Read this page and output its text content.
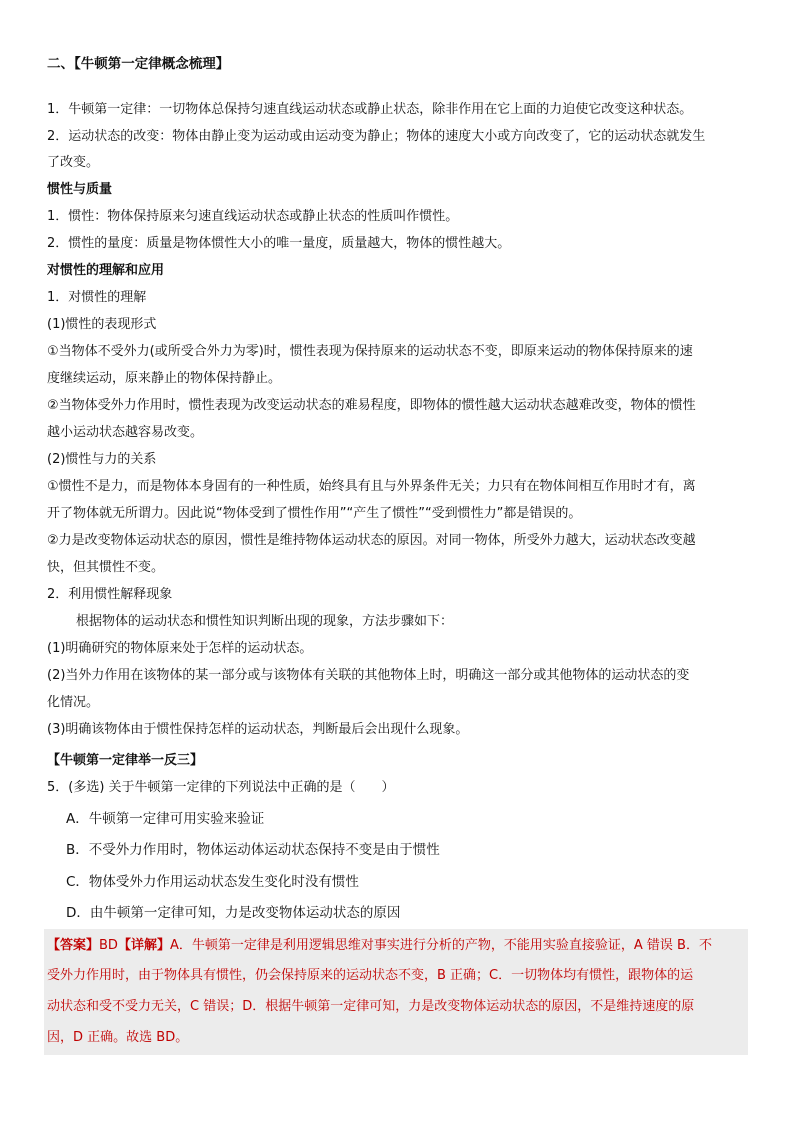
二、【牛顿第一定律概念梳理】
1．牛顿第一定律：一切物体总保持匀速直线运动状态或静止状态，除非作用在它上面的力迫使它改变这种状态。
2．运动状态的改变：物体由静止变为运动或由运动变为静止；物体的速度大小或方向改变了，它的运动状态就发生
了改变。
惯性与质量
1．惯性：物体保持原来匀速直线运动状态或静止状态的性质叫作惯性。
2．惯性的量度：质量是物体惯性大小的唯一量度，质量越大，物体的惯性越大。
对惯性的理解和应用
1．对惯性的理解
(1)惯性的表现形式
①当物体不受外力(或所受合外力为零)时，惯性表现为保持原来的运动状态不变，即原来运动的物体保持原来的速
度继续运动，原来静止的物体保持静止。
②当物体受外力作用时，惯性表现为改变运动状态的难易程度，即物体的惯性越大运动状态越难改变，物体的惯性
越小运动状态越容易改变。
(2)惯性与力的关系
①惯性不是力，而是物体本身固有的一种性质，始终具有且与外界条件无关；力只有在物体间相互作用时才有，离
开了物体就无所谓力。因此说“物体受到了惯性作用”“产生了惯性”“受到惯性力”都是错误的。
②力是改变物体运动状态的原因，惯性是维持物体运动状态的原因。对同一物体，所受外力越大，运动状态改变越
快，但其惯性不变。
2．利用惯性解释现象
根据物体的运动状态和惯性知识判断出现的现象，方法步骤如下：
(1)明确研究的物体原来处于怎样的运动状态。
(2)当外力作用在该物体的某一部分或与该物体有关联的其他物体上时，明确这一部分或其他物体的运动状态的变
化情况。
(3)明确该物体由于惯性保持怎样的运动状态，判断最后会出现什么现象。
【牛顿第一定律举一反三】
5．(多选) 关于牛顿第一定律的下列说法中正确的是（　　）
A．牛顿第一定律可用实验来验证
B．不受外力作用时，物体运动体运动状态保持不变是由于惯性
C．物体受外力作用运动状态发生变化时没有惯性
D．由牛顿第一定律可知，力是改变物体运动状态的原因
【答案】BD【详解】A．牛顿第一定律是利用逻辑思维对事实进行分析的产物，不能用实验直接验证，A 错误 B．不
受外力作用时，由于物体具有惯性，仍会保持原来的运动状态不变，B 正确；C．一切物体均有惯性，跟物体的运
动状态和受不受力无关，C 错误；D．根据牛顿第一定律可知，力是改变物体运动状态的原因，不是维持速度的原
因，D 正确。故选 BD。
